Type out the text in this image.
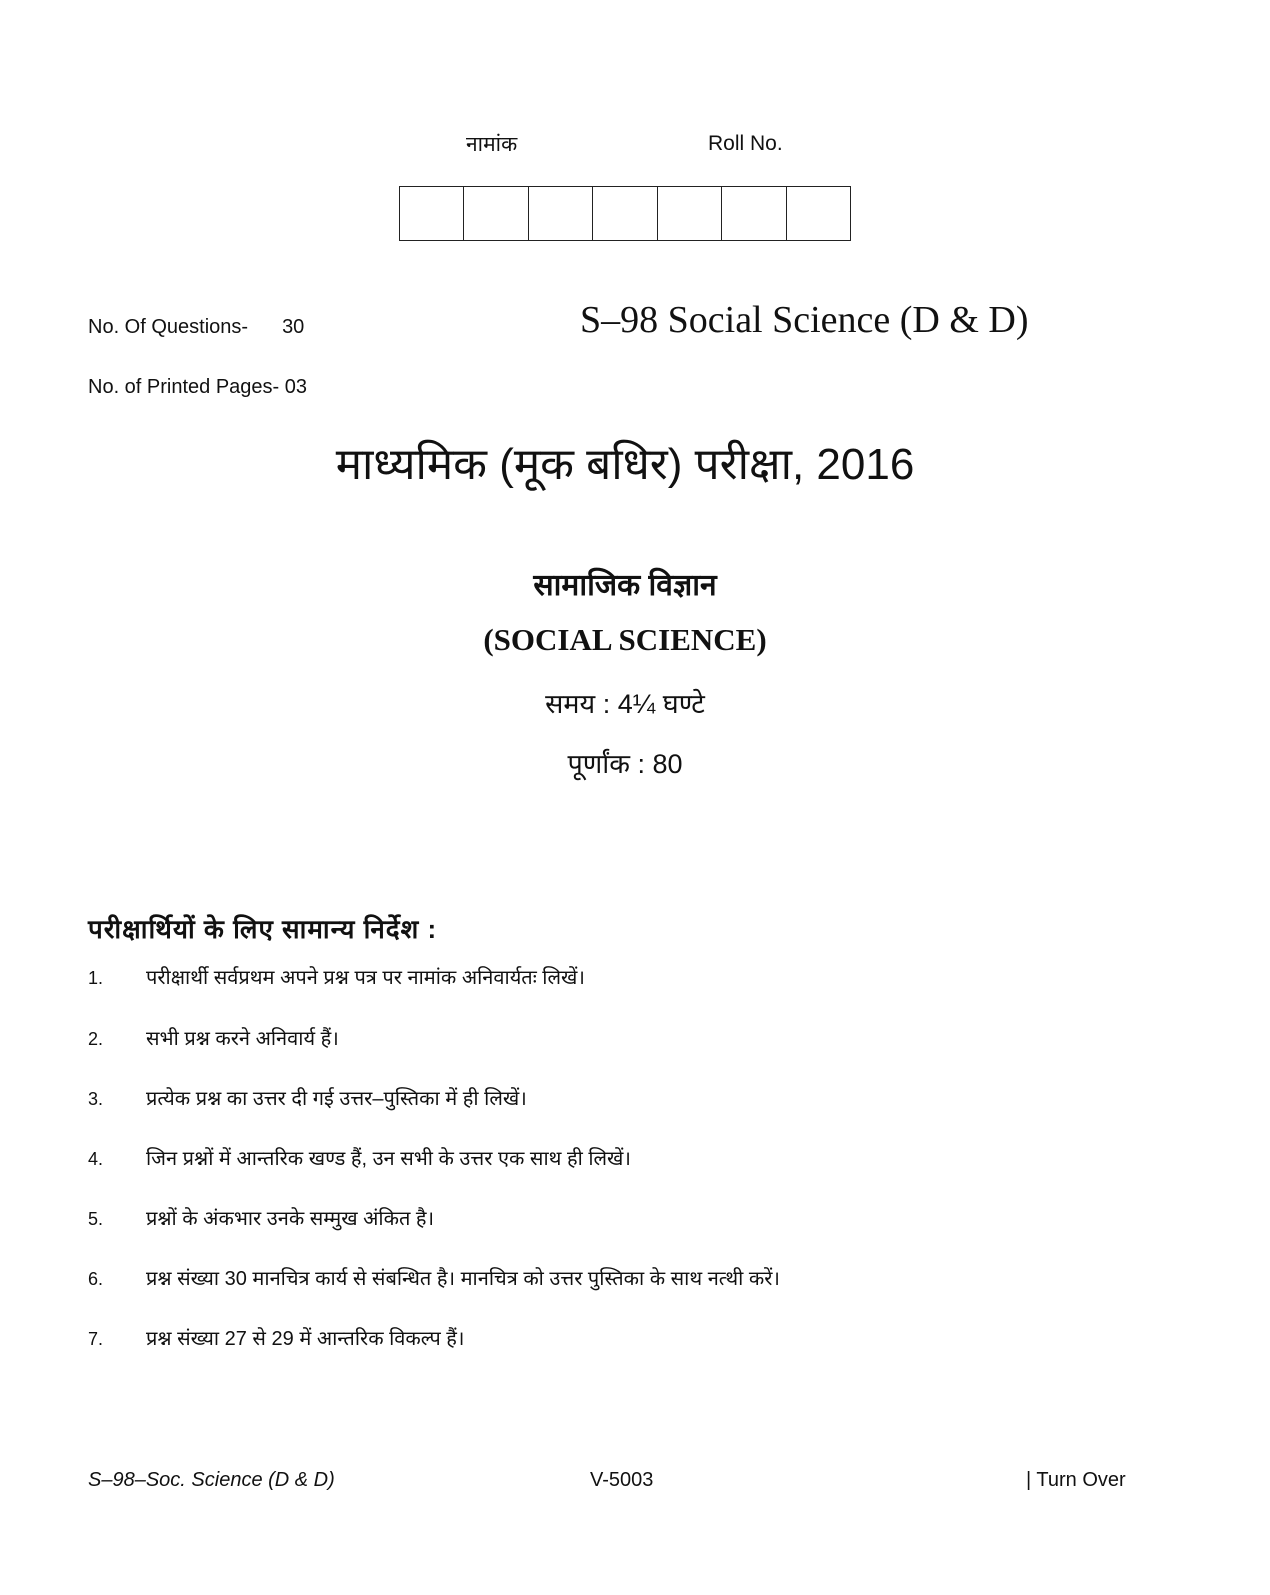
नामांक	Roll No.
No. Of Questions- 30
No. of Printed Pages- 03
S–98 Social Science (D & D)
माध्यमिक (मूक बधिर) परीक्षा, 2016
सामाजिक विज्ञान
(SOCIAL SCIENCE)
समय : 4¼ घण्टे
पूर्णांक : 80
परीक्षार्थियों के लिए सामान्य निर्देश :
1. परीक्षार्थी सर्वप्रथम अपने प्रश्न पत्र पर नामांक अनिवार्यतः लिखें।
2. सभी प्रश्न करने अनिवार्य हैं।
3. प्रत्येक प्रश्न का उत्तर दी गई उत्तर–पुस्तिका में ही लिखें।
4. जिन प्रश्नों में आन्तरिक खण्ड हैं, उन सभी के उत्तर एक साथ ही लिखें।
5. प्रश्नों के अंकभार उनके सम्मुख अंकित है।
6. प्रश्न संख्या 30 मानचित्र कार्य से संबन्धित है। मानचित्र को उत्तर पुस्तिका के साथ नत्थी करें।
7. प्रश्न संख्या 27 से 29 में आन्तरिक विकल्प हैं।
S–98–Soc. Science (D & D)	V-5003	| Turn Over
